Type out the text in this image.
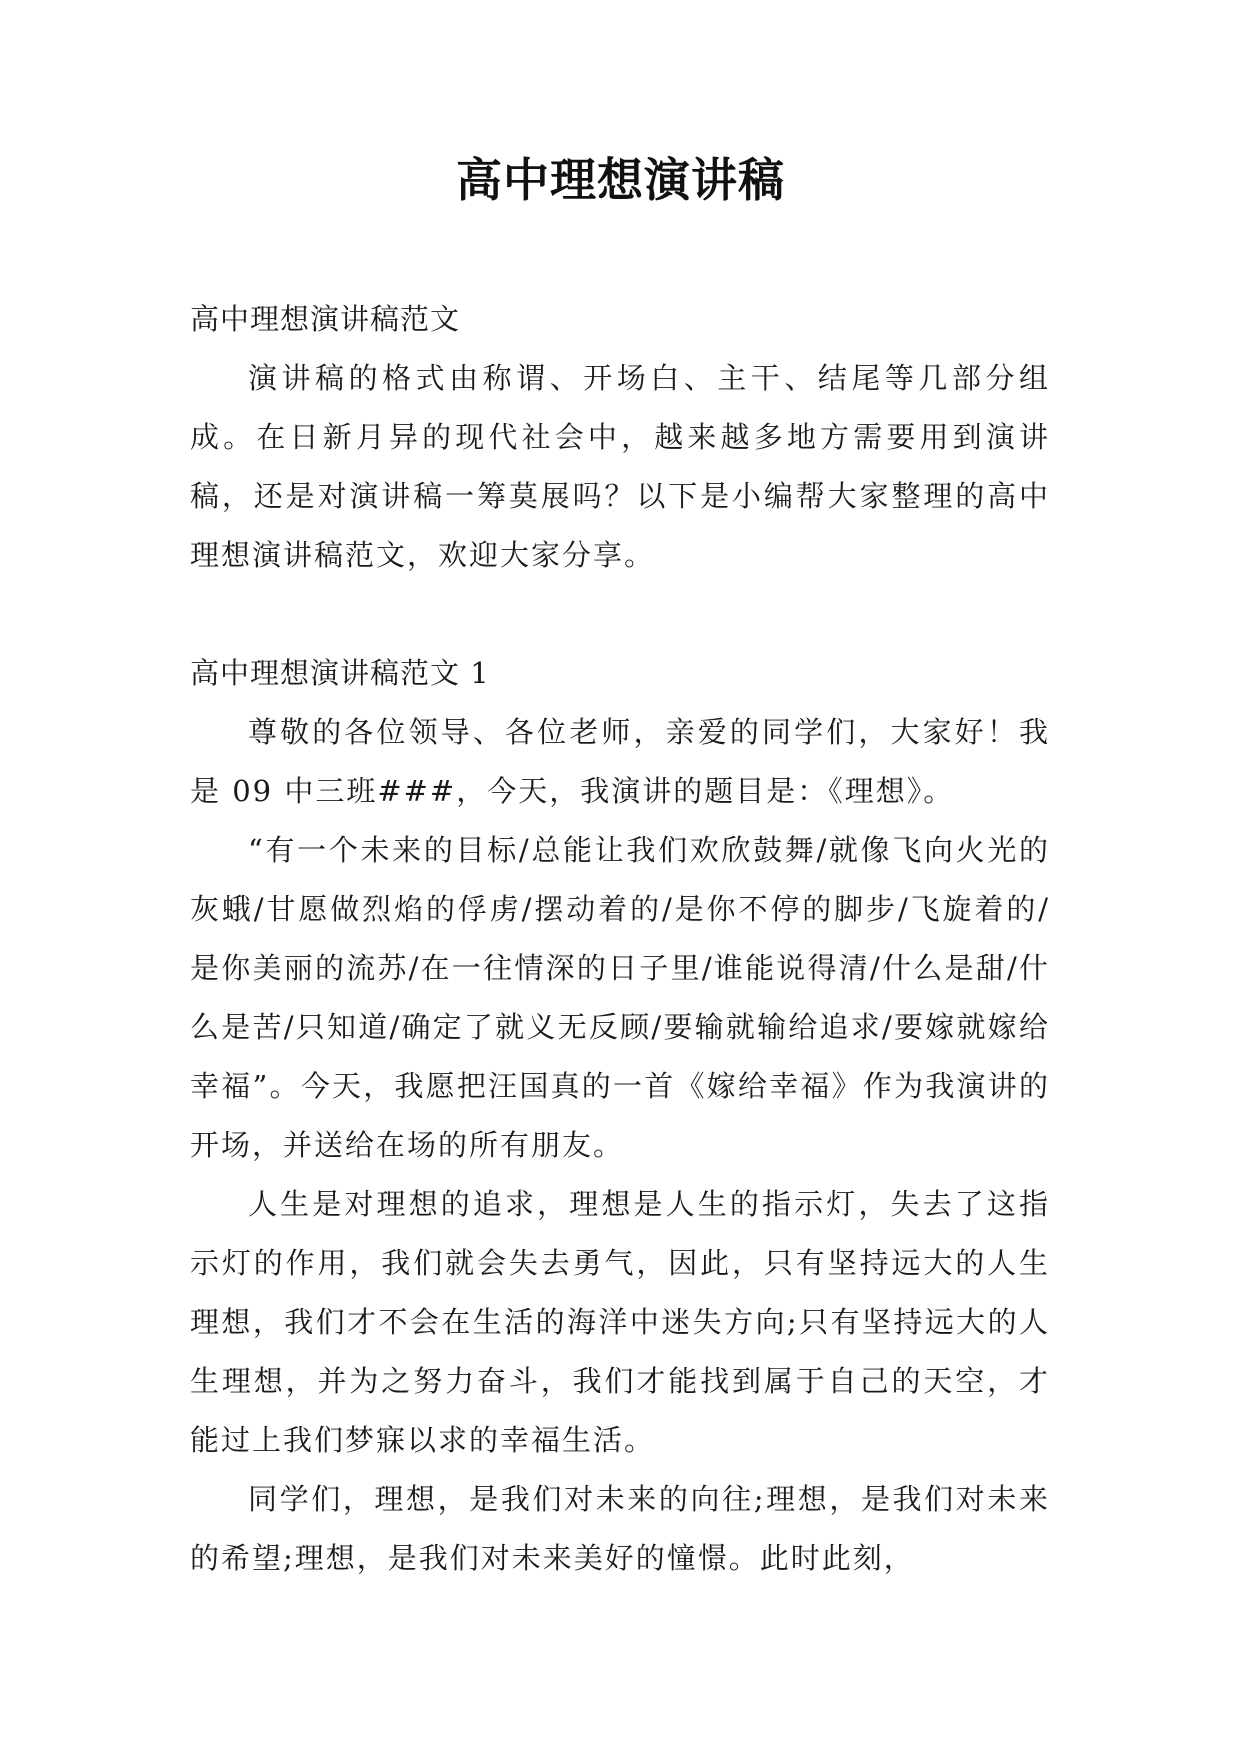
高中理想演讲稿

高中理想演讲稿范文

演讲稿的格式由称谓、开场白、主干、结尾等几部分组成。在日新月异的现代社会中，越来越多地方需要用到演讲稿，还是对演讲稿一筹莫展吗？以下是小编帮大家整理的高中理想演讲稿范文，欢迎大家分享。

高中理想演讲稿范文 1

尊敬的各位领导、各位老师，亲爱的同学们，大家好！我是 09 中三班###，今天，我演讲的题目是：《理想》。

“有一个未来的目标/总能让我们欢欣鼓舞/就像飞向火光的灰蛾/甘愿做烈焰的俘虏/摆动着的/是你不停的脚步/飞旋着的/是你美丽的流苏/在一往情深的日子里/谁能说得清/什么是甜/什么是苦/只知道/确定了就义无反顾/要输就输给追求/要嫁就嫁给幸福”。今天，我愿把汪国真的一首《嫁给幸福》作为我演讲的开场，并送给在场的所有朋友。

人生是对理想的追求，理想是人生的指示灯，失去了这指示灯的作用，我们就会失去勇气，因此，只有坚持远大的人生理想，我们才不会在生活的海洋中迷失方向;只有坚持远大的人生理想，并为之努力奋斗，我们才能找到属于自己的天空，才能过上我们梦寐以求的幸福生活。

同学们，理想，是我们对未来的向往;理想，是我们对未来的希望;理想，是我们对未来美好的憧憬。此时此刻，
